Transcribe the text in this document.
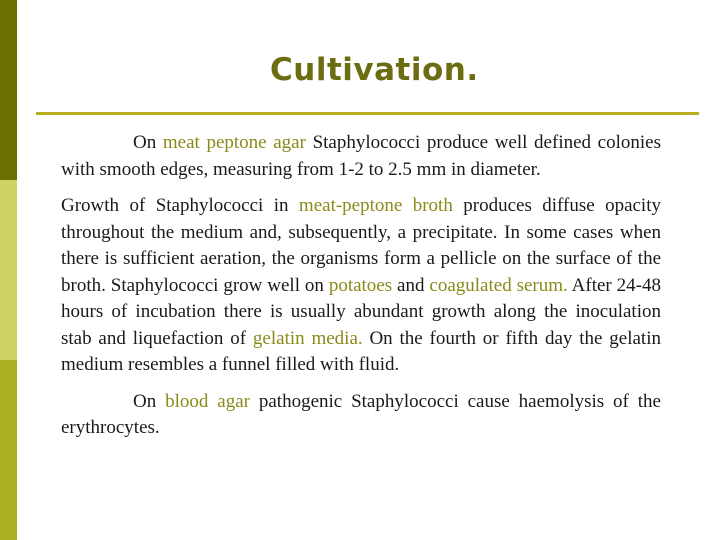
Cultivation.

On meat peptone agar Staphylococci produce well defined colonies with smooth edges, measuring from 1-2 to 2.5 mm in diameter.

Growth of Staphylococci in meat-peptone broth produces diffuse opacity throughout the medium and, subsequently, a precipitate. In some cases when there is sufficient aeration, the organisms form a pellicle on the surface of the broth. Staphylococci grow well on potatoes and coagulated serum. After 24-48 hours of incubation there is usually abundant growth along the inoculation stab and liquefaction of gelatin media. On the fourth or fifth day the gelatin medium resembles a funnel filled with fluid.

On blood agar pathogenic Staphylococci cause haemolysis of the erythrocytes.
